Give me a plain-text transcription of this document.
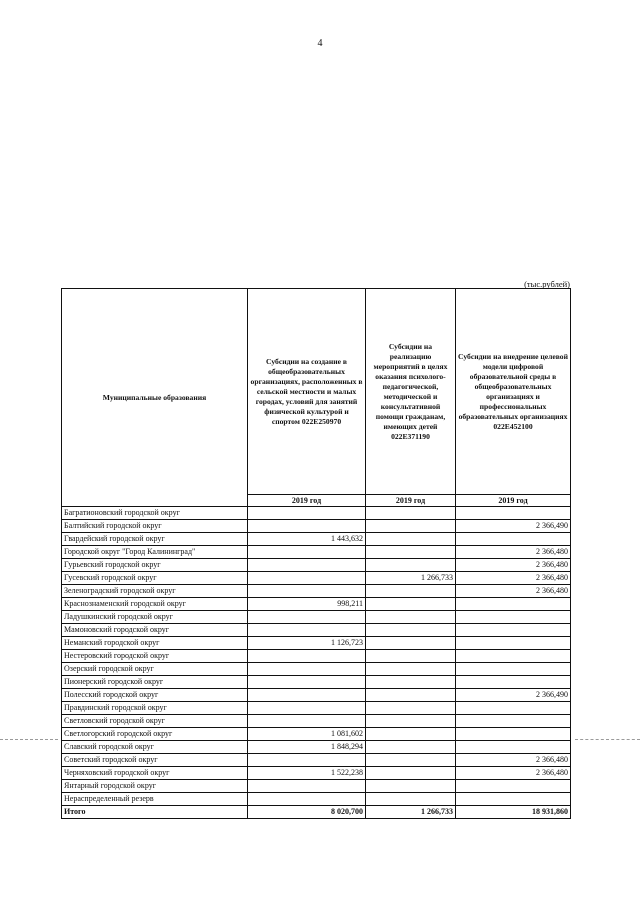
4
(тыс.рублей)
Муниципальные образования	Субсидии на создание в общеобразовательных организациях, расположенных в сельской местности и малых городах, условий для занятий физической культурой и спортом 022Е250970	Субсидии на реализацию мероприятий в целях оказания психолого-педагогической, методической и консультативной помощи гражданам, имеющих детей 022Е371190	Субсидии на внедрение целевой модели цифровой образовательной среды в общеобразовательных организациях и профессиональных образовательных организациях 022Е452100
	2019 год	2019 год	2019 год
Багратионовский городской округ			
Балтийский городской округ			2 366,490
Гвардейский городской округ	1 443,632		
Городской округ "Город Калининград"			2 366,480
Гурьевский городской округ			2 366,480
Гусевский городской округ		1 266,733	2 366,480
Зеленоградский городской округ			2 366,480
Краснознаменский городской округ	998,211		
Ладушкинский городской округ			
Мамоновский городской округ			
Неманский городской округ	1 126,723		
Нестеровский городской округ			
Озерский городской округ			
Пионерский городской округ			
Полесский городской округ			2 366,490
Правдинский городской округ			
Светловский городской округ			
Светлогорский городской округ	1 081,602		
Славский городской округ	1 848,294		
Советский городской округ			2 366,480
Черняховский городской округ	1 522,238		2 366,480
Янтарный городской округ			
Нераспределенный резерв			
Итого	8 020,700	1 266,733	18 931,860
